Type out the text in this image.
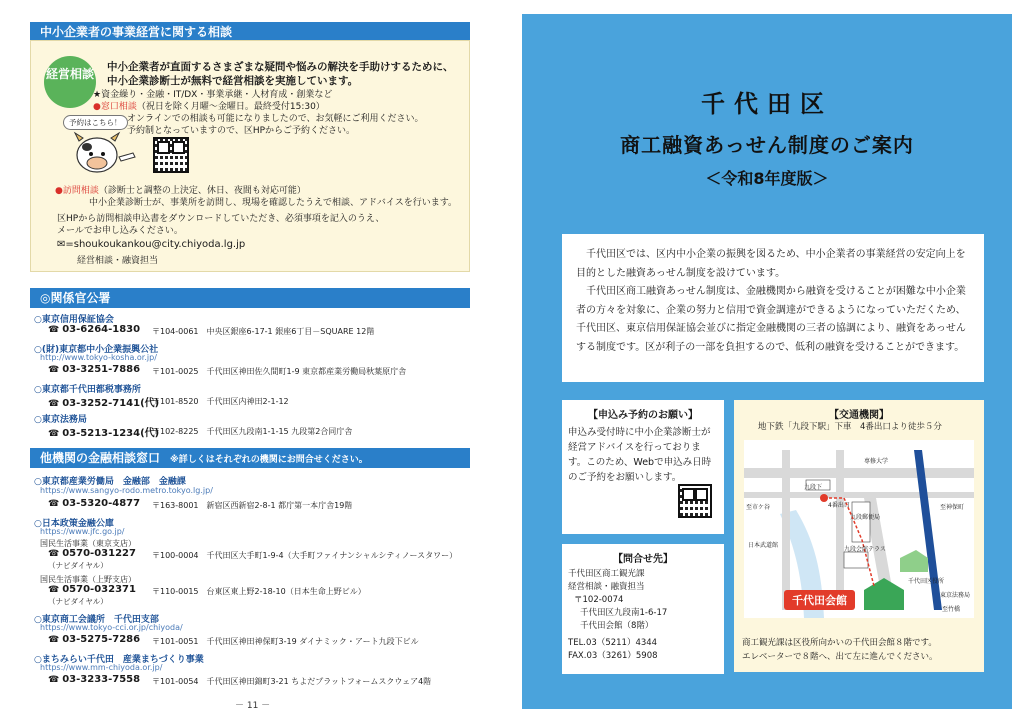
中小企業者の事業経営に関する相談
経営相談 中小企業者が直面するさまざまな疑問や悩みの解決を手助けするために、
中小企業診断士が無料で経営相談を実施しています。
★資金繰り・金融・IT/DX・事業承継・人材育成・創業など
●窓口相談（祝日を除く月曜～金曜日。最終受付15:30）
オンラインでの相談も可能になりましたので、お気軽にご利用ください。
予約制となっていますので、区HPからご予約ください。
予約はこちら！
●訪問相談（診断士と調整の上決定、休日、夜間も対応可能）
中小企業診断士が、事業所を訪問し、現場を確認したうえで相談、アドバイスを行います。
区HPから訪問相談申込書をダウンロードしていただき、必須事項を記入のうえ、
メールでお申し込みください。
✉=shoukoukankou@city.chiyoda.lg.jp
経営相談・融資担当
◎関係官公署
○東京信用保証協会
☎ 03-6264-1830 〒104-0061　中央区銀座6-17-1 銀座6丁目－SQUARE 12階
○(財)東京都中小企業振興公社
http://www.tokyo-kosha.or.jp/
☎ 03-3251-7886 〒101-0025　千代田区神田佐久間町1-9 東京都産業労働局秋葉原庁舎
○東京都千代田都税事務所
☎ 03-3252-7141(代)
〒101-8520　千代田区内神田2-1-12
○東京法務局
☎ 03-5213-1234(代)
〒102-8225　千代田区九段南1-1-15 九段第2合同庁舎
他機関の金融相談窓口 ※詳しくはそれぞれの機関にお問合せください。
○東京都産業労働局　金融部　金融課
https://www.sangyo-rodo.metro.tokyo.lg.jp/
☎ 03-5320-4877 〒163-8001　新宿区西新宿2-8-1 都庁第一本庁舎19階
○日本政策金融公庫
https://www.jfc.go.jp/
国民生活事業（東京支店）
☎ 0570-031227 〒100-0004　千代田区大手町1-9-4（大手町ファイナンシャルシティノースタワー）
（ナビダイヤル）
国民生活事業（上野支店）
☎ 0570-032371 〒110-0015　台東区東上野2-18-10（日本生命上野ビル）
（ナビダイヤル）
○東京商工会議所　千代田支部
https://www.tokyo-cci.or.jp/chiyoda/
☎ 03-5275-7286 〒101-0051　千代田区神田神保町3-19 ダイナミック・アート九段下ビル
○まちみらい千代田　産業まちづくり事業
https://www.mm-chiyoda.or.jp/
☎ 03-3233-7558 〒101-0054　千代田区神田錦町3-21 ちよだプラットフォームスクウェア4階
－ 11 －
千代田区
商工融資あっせん制度のご案内
＜令和8年度版＞

千代田区では、区内中小企業の振興を図るため、中小企業者の事業経営の安定向上を目的とした融資あっせん制度を設けています。

千代田区商工融資あっせん制度は、金融機関から融資を受けることが困難な中小企業者の方々を対象に、企業の努力と信用で資金調達ができるようになっていただくため、千代田区、東京信用保証協会並びに指定金融機関の三者の協調により、融資をあっせんする制度です。区が利子の一部を負担するので、低利の融資を受けることができます。

【申込み予約のお願い】
申込み受付時に中小企業診断士が経営アドバイスを行っております。このため、Webで申込み日時のご予約をお願いします。
【問合せ先】
千代田区商工観光課
経営相談・融資担当
〒102-0074
千代田区九段南1-6-17
千代田会館（8階）
TEL.03（5211）4344
FAX.03（3261）5908
【交通機関】
地下鉄「九段下駅」下車　4番出口より徒歩５分
九段下
専修大学
至市ケ谷	至神保町
日本武道館
九段会館テラス
九段郵便局
千代田区役所
東京法務局
至竹橋
4番出口
千代田会館
商工観光課は区役所向かいの千代田会館８階です。
エレベーターで８階へ、出て左に進んでください。
